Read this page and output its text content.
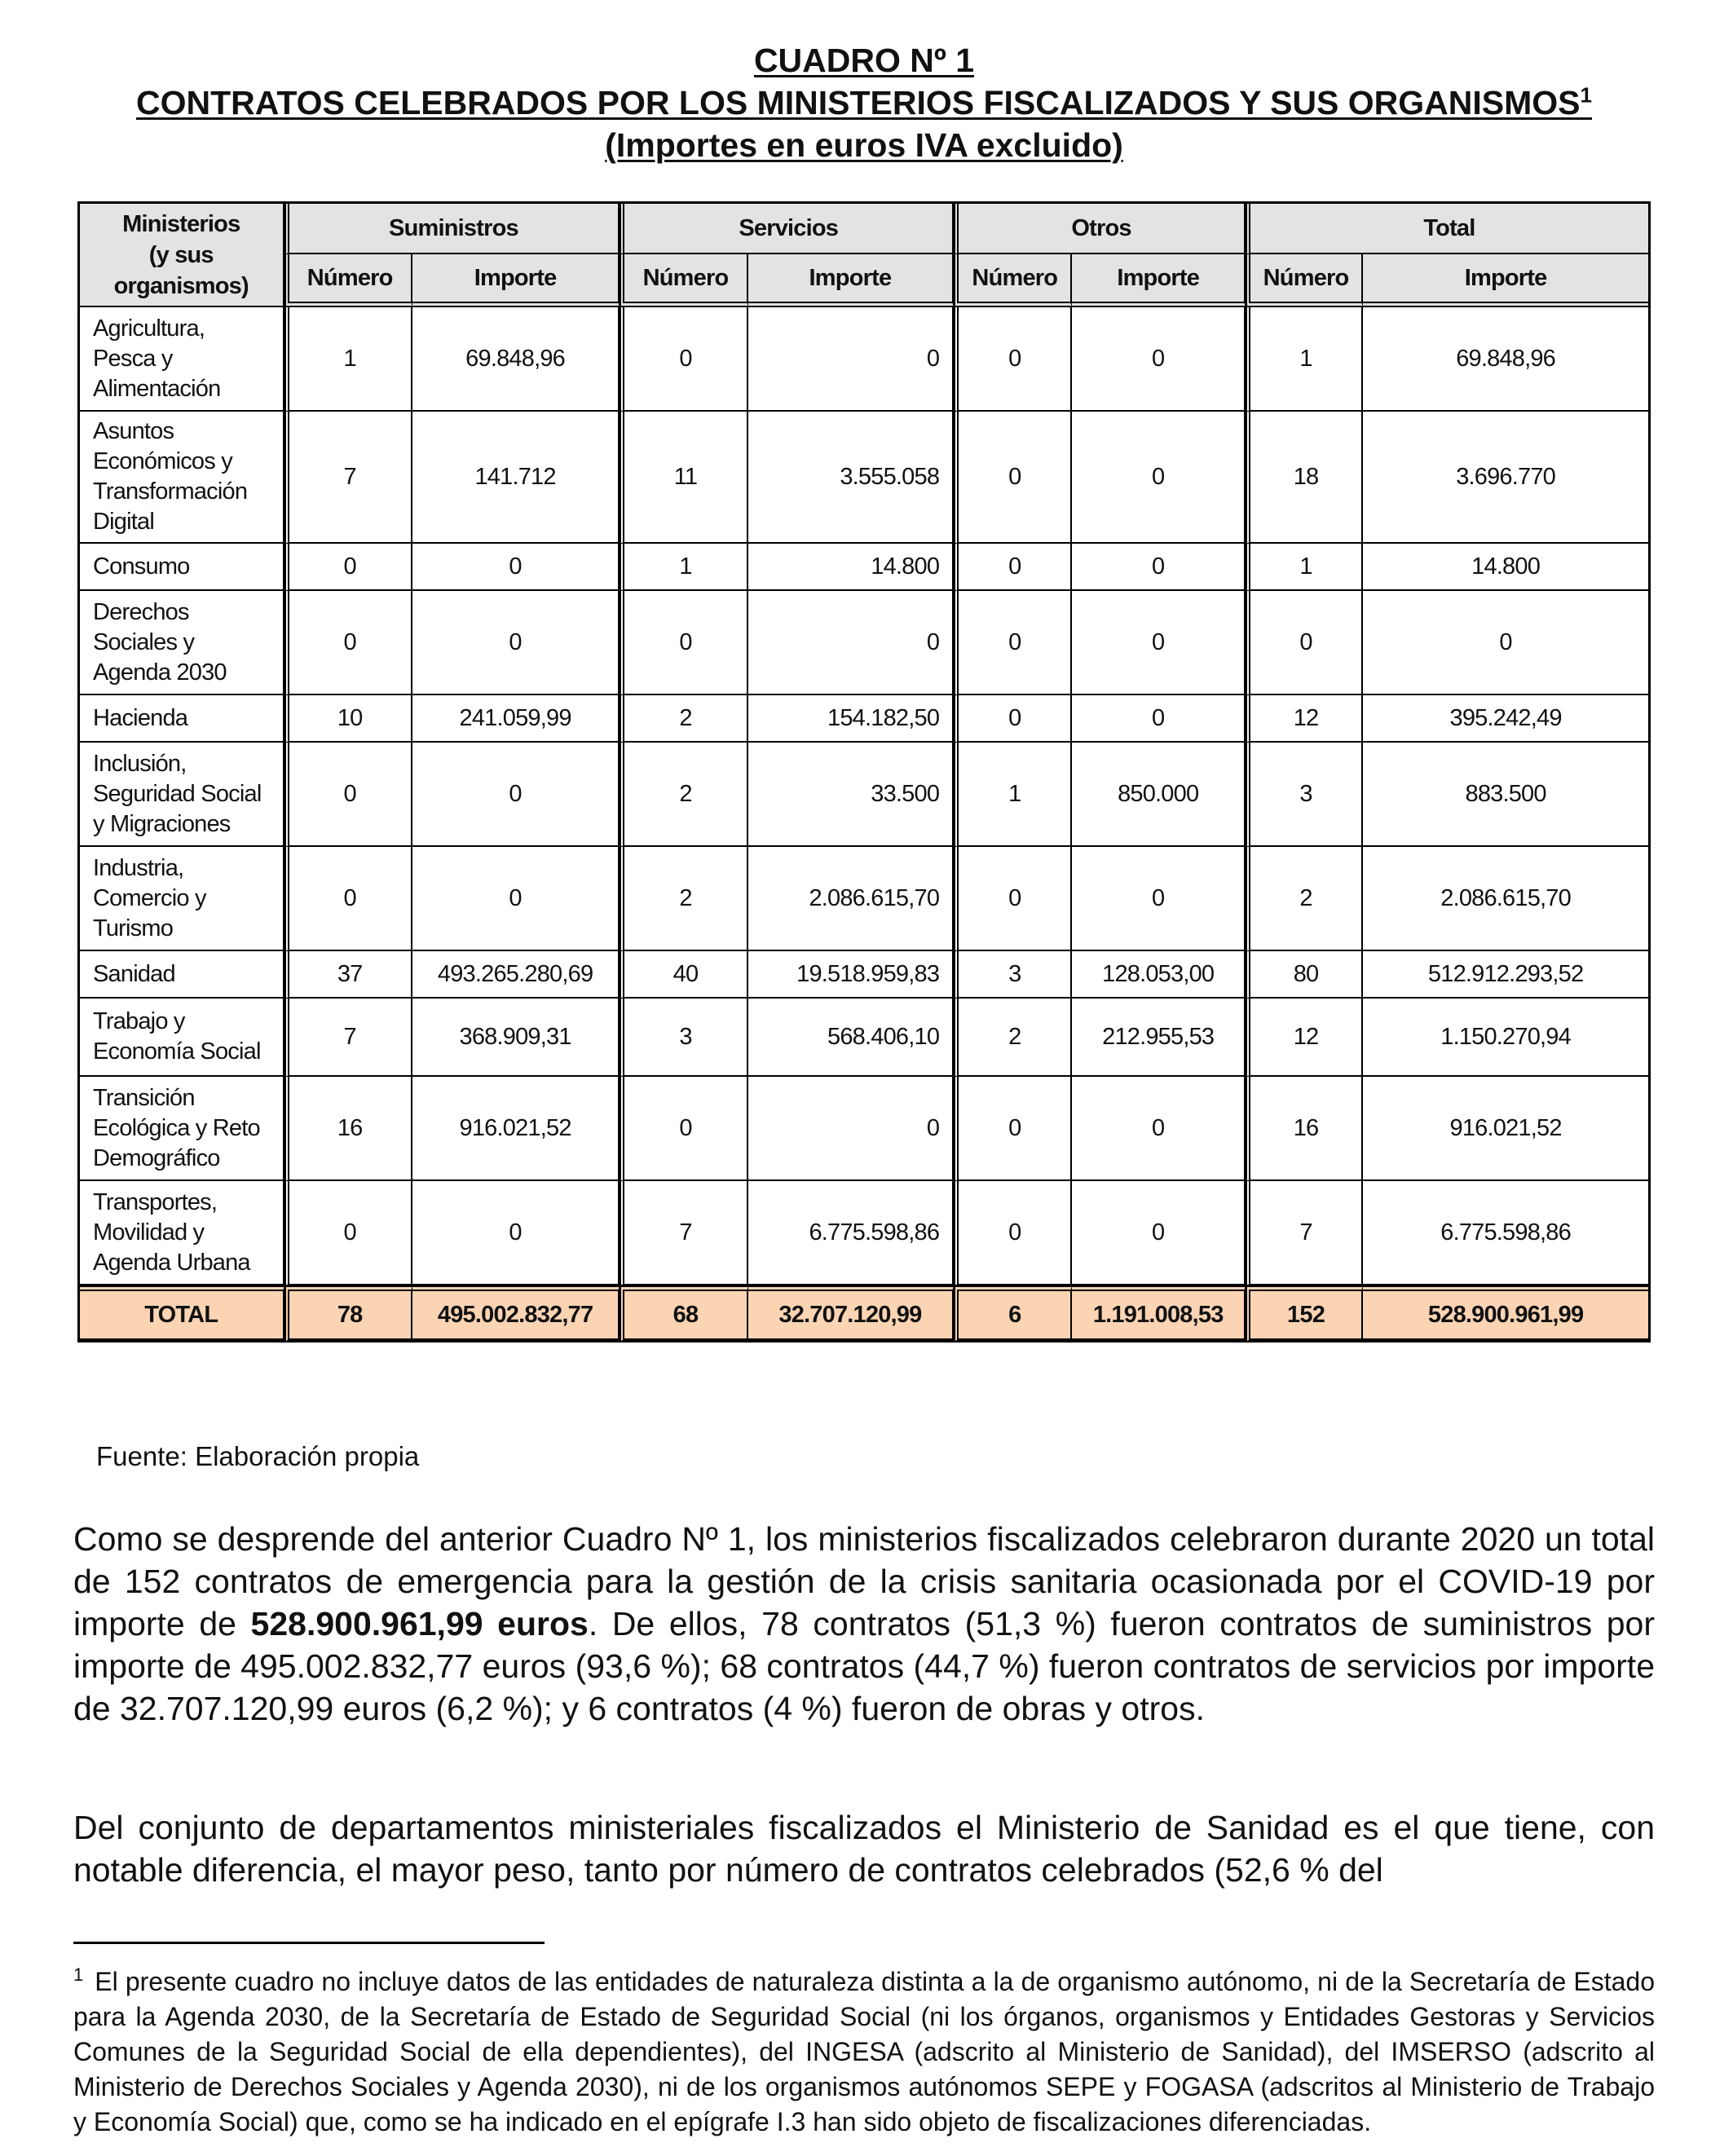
CUADRO Nº 1
CONTRATOS CELEBRADOS POR LOS MINISTERIOS FISCALIZADOS Y SUS ORGANISMOS$^1$
(Importes en euros IVA excluido)
Ministerios
(y sus
organismos)	Suministros		Servicios		Otros		Total	
	Número	Importe	Número	Importe	Número	Importe	Número	Importe

Agricultura,
Pesca y
Alimentación	1	69.848,96	0	0	0	0	1	69.848,96

Asuntos
Económicos y
Transformación
Digital	7	141.712	11	3.555.058	0	0	18	3.696.770

Consumo	0	0	1	14.800	0	0	1	14.800

Derechos
Sociales y
Agenda 2030	0	0	0	0	0	0	0	0

Hacienda	10	241.059,99	2	154.182,50	0	0	12	395.242,49

Inclusión,
Seguridad Social
y Migraciones	0	0	2	33.500	1	850.000	3	883.500

Industria,
Comercio y
Turismo	0	0	2	2.086.615,70	0	0	2	2.086.615,70

Sanidad	37	493.265.280,69	40	19.518.959,83	3	128.053,00	80	512.912.293,52

Trabajo y
Economía Social	7	368.909,31	3	568.406,10	2	212.955,53	12	1.150.270,94

Transición
Ecológica y Reto
Demográfico	16	916.021,52	0	0	0	0	16	916.021,52

Transportes,
Movilidad y
Agenda Urbana	0	0	7	6.775.598,86	0	0	7	6.775.598,86
TOTAL	78	495.002.832,77	68	32.707.120,99	6	1.191.008,53	152	528.900.961,99
Fuente: Elaboración propia
Como se desprende del anterior Cuadro Nº 1, los ministerios fiscalizados celebraron durante 2020 un total de 152 contratos de emergencia para la gestión de la crisis sanitaria ocasionada por el COVID-19 por importe de 528.900.961,99 euros. De ellos, 78 contratos (51,3 %) fueron contratos de suministros por importe de 495.002.832,77 euros (93,6 %); 68 contratos (44,7 %) fueron contratos de servicios por importe de 32.707.120,99 euros (6,2 %); y 6 contratos (4 %) fueron de obras y otros.
Del conjunto de departamentos ministeriales fiscalizados el Ministerio de Sanidad es el que tiene, con notable diferencia, el mayor peso, tanto por número de contratos celebrados (52,6 % del
$^1$ El presente cuadro no incluye datos de las entidades de naturaleza distinta a la de organismo autónomo, ni de la Secretaría de Estado para la Agenda 2030, de la Secretaría de Estado de Seguridad Social (ni los órganos, organismos y Entidades Gestoras y Servicios Comunes de la Seguridad Social de ella dependientes), del INGESA (adscrito al Ministerio de Sanidad), del IMSERSO (adscrito al Ministerio de Derechos Sociales y Agenda 2030), ni de los organismos autónomos SEPE y FOGASA (adscritos al Ministerio de Trabajo y Economía Social) que, como se ha indicado en el epígrafe I.3 han sido objeto de fiscalizaciones diferenciadas.
